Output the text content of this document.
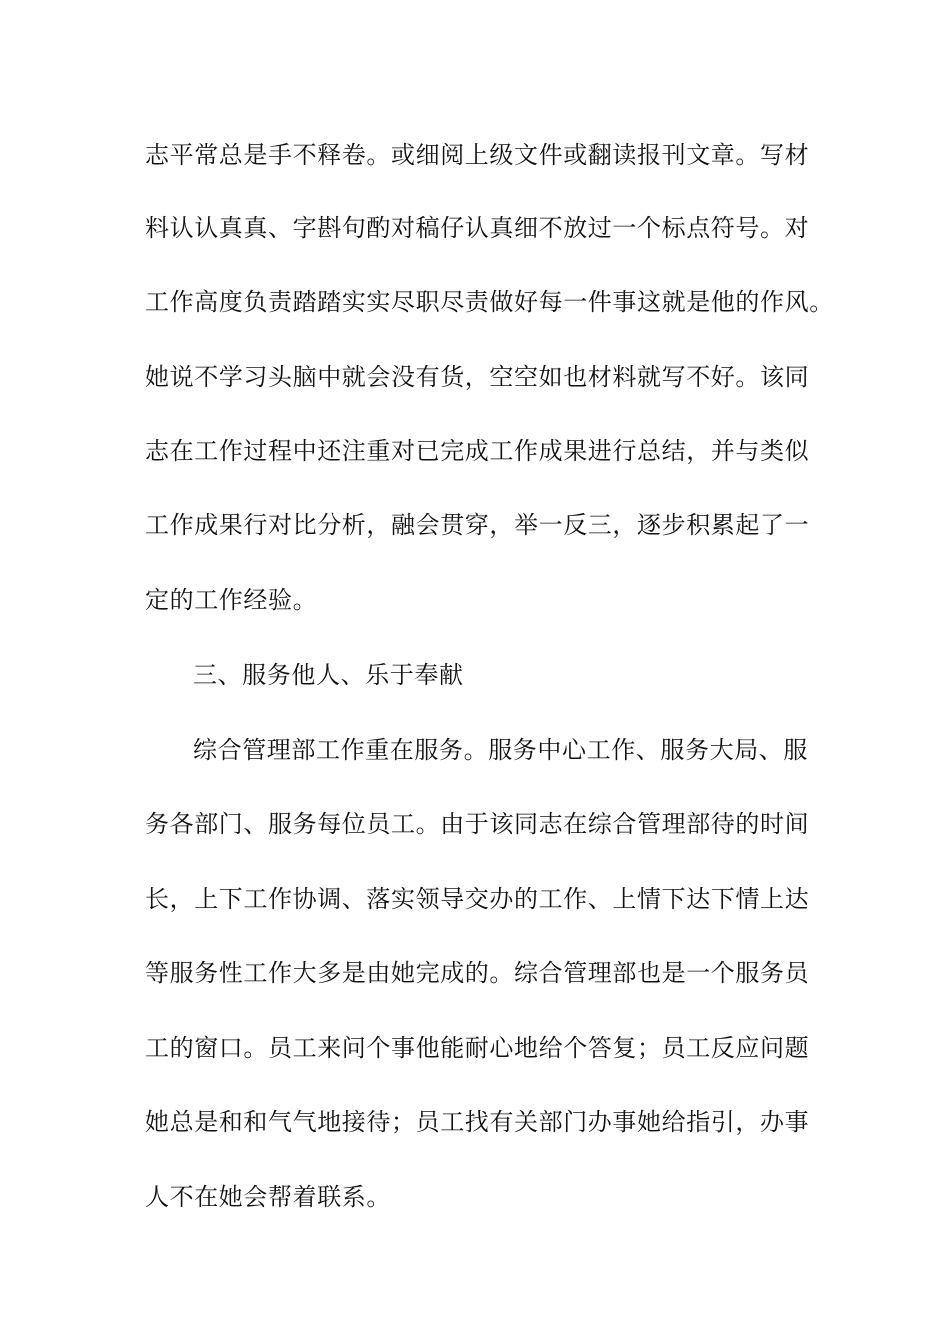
志平常总是手不释卷。或细阅上级文件或翻读报刊文章。写材

料认认真真、字斟句酌对稿仔认真细不放过一个标点符号。对

工作高度负责踏踏实实尽职尽责做好每一件事这就是他的作风。

她说不学习头脑中就会没有货，空空如也材料就写不好。该同

志在工作过程中还注重对已完成工作成果进行总结，并与类似

工作成果行对比分析，融会贯穿，举一反三，逐步积累起了一

定的工作经验。

三、服务他人、乐于奉献

综合管理部工作重在服务。服务中心工作、服务大局、服

务各部门、服务每位员工。由于该同志在综合管理部待的时间

长，上下工作协调、落实领导交办的工作、上情下达下情上达

等服务性工作大多是由她完成的。综合管理部也是一个服务员

工的窗口。员工来问个事他能耐心地给个答复；员工反应问题

她总是和和气气地接待；员工找有关部门办事她给指引，办事

人不在她会帮着联系。
